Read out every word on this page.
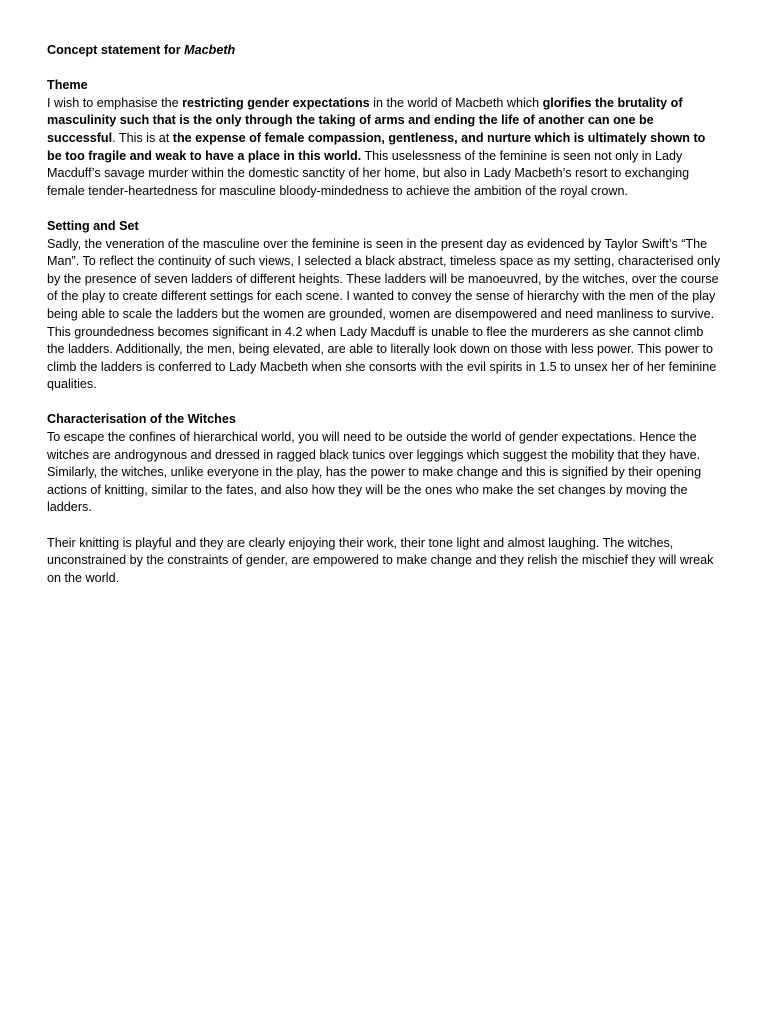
Concept statement for Macbeth
Theme

I wish to emphasise the restricting gender expectations in the world of Macbeth which glorifies the brutality of masculinity such that is the only through the taking of arms and ending the life of another can one be successful. This is at the expense of female compassion, gentleness, and nurture which is ultimately shown to be too fragile and weak to have a place in this world. This uselessness of the feminine is seen not only in Lady Macduff’s savage murder within the domestic sanctity of her home, but also in Lady Macbeth’s resort to exchanging female tender-heartedness for masculine bloody-mindedness to achieve the ambition of the royal crown.

Setting and Set

Sadly, the veneration of the masculine over the feminine is seen in the present day as evidenced by Taylor Swift’s “The Man”. To reflect the continuity of such views, I selected a black abstract, timeless space as my setting, characterised only by the presence of seven ladders of different heights. These ladders will be manoeuvred, by the witches, over the course of the play to create different settings for each scene. I wanted to convey the sense of hierarchy with the men of the play being able to scale the ladders but the women are grounded, women are disempowered and need manliness to survive. This groundedness becomes significant in 4.2 when Lady Macduff is unable to flee the murderers as she cannot climb the ladders. Additionally, the men, being elevated, are able to literally look down on those with less power. This power to climb the ladders is conferred to Lady Macbeth when she consorts with the evil spirits in 1.5 to unsex her of her feminine qualities.

Characterisation of the Witches

To escape the confines of hierarchical world, you will need to be outside the world of gender expectations. Hence the witches are androgynous and dressed in ragged black tunics over leggings which suggest the mobility that they have. Similarly, the witches, unlike everyone in the play, has the power to make change and this is signified by their opening actions of knitting, similar to the fates, and also how they will be the ones who make the set changes by moving the ladders.

Their knitting is playful and they are clearly enjoying their work, their tone light and almost laughing. The witches, unconstrained by the constraints of gender, are empowered to make change and they relish the mischief they will wreak on the world.
